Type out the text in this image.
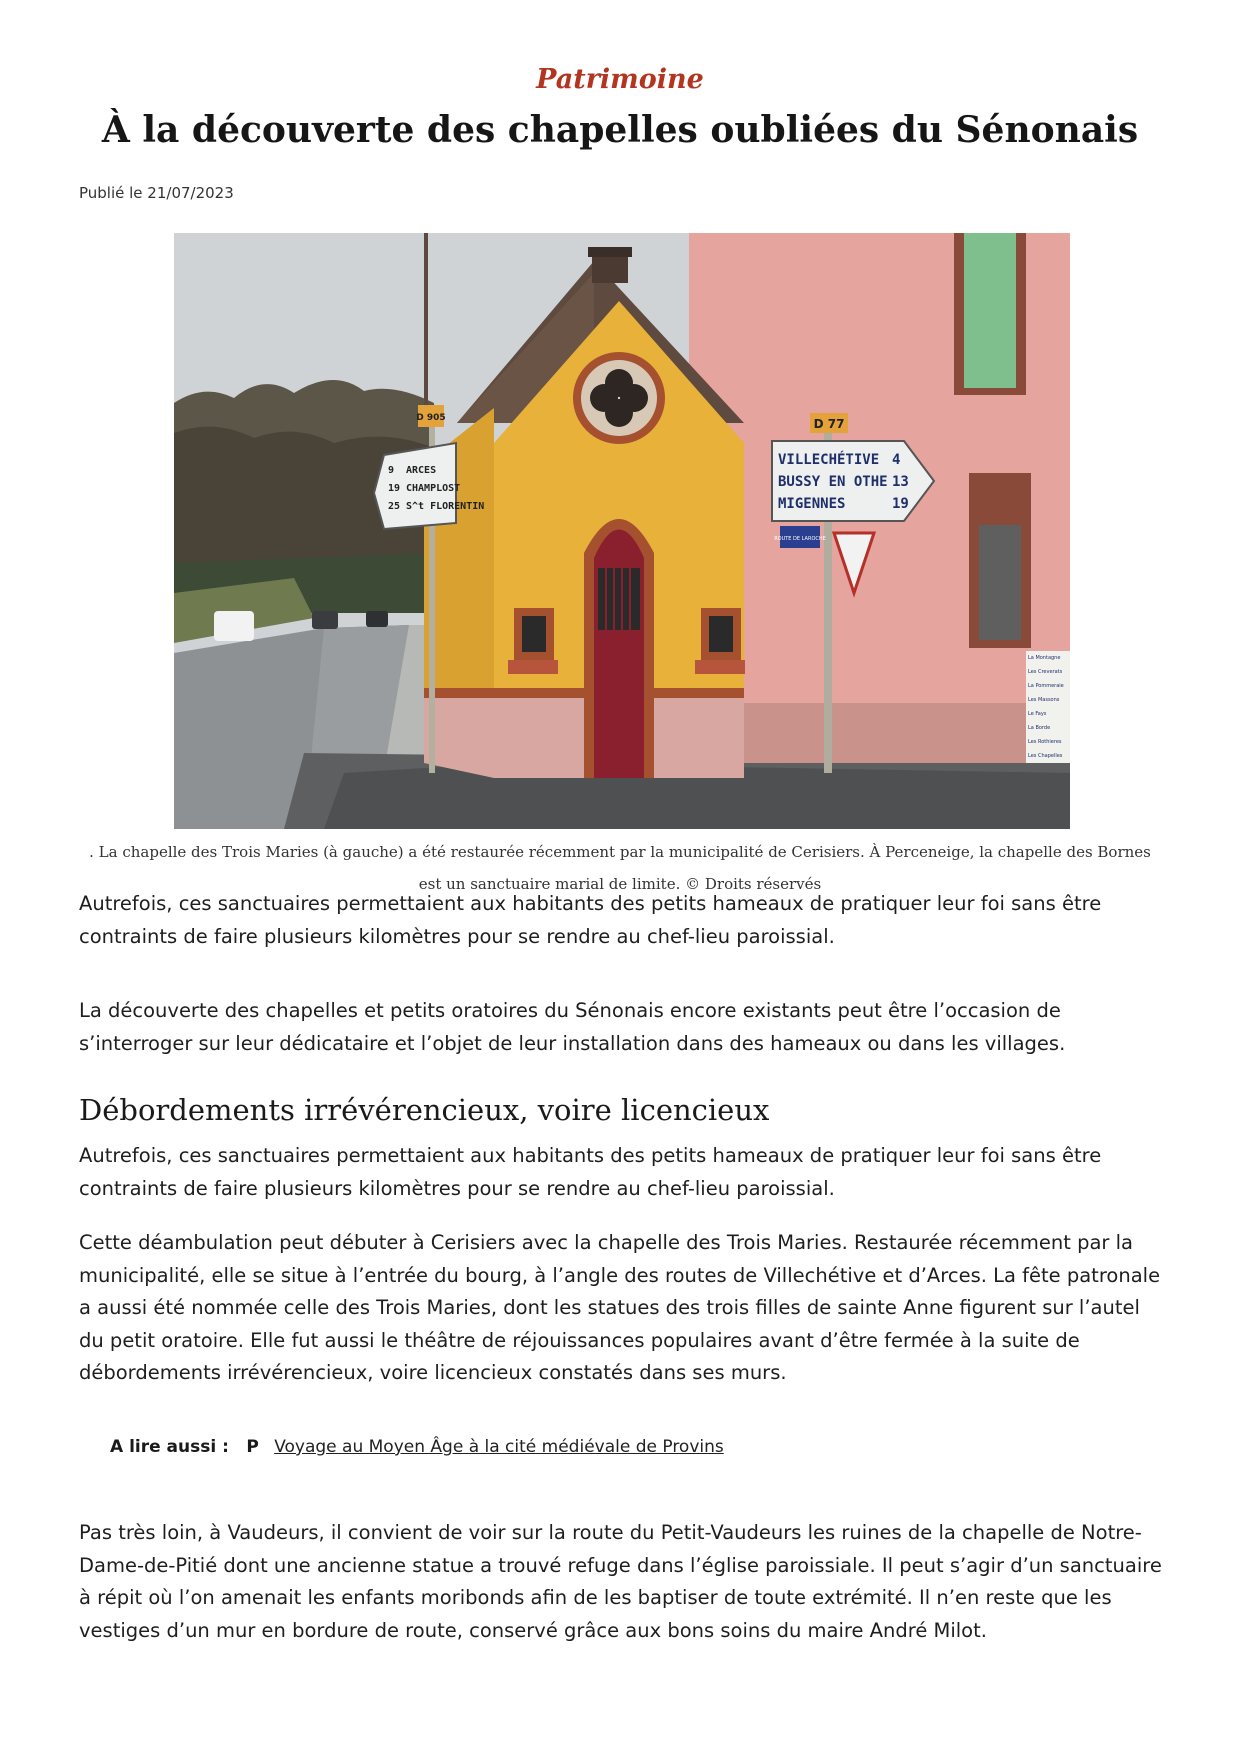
Patrimoine
À la découverte des chapelles oubliées du Sénonais
Publié le 21/07/2023
D 905
9 ARCES
19 CHAMPLOST
25 S^t FLORENTIN
D 77
VILLECHÉTIVE 4
BUSSY EN OTHE 13
MIGENNES	19
ROUTE DE LAROCHE
La Montagne
Les Creverats
La Pommeraie
Les Massons
Le Fays
La Borde
Les Rothieres
Les Chapelles
. La chapelle des Trois Maries (à gauche) a été restaurée récemment par la municipalité de Cerisiers. À Perceneige, la chapelle des Bornes est un sanctuaire marial de limite. © Droits réservés

Autrefois, ces sanctuaires permettaient aux habitants des petits hameaux de pratiquer leur foi sans être contraints de faire plusieurs kilomètres pour se rendre au chef-lieu paroissial.

La découverte des chapelles et petits oratoires du Sénonais encore existants peut être l’occasion de s’interroger sur leur dédicataire et l’objet de leur installation dans des hameaux ou dans les villages.

Débordements irrévérencieux, voire licencieux

Autrefois, ces sanctuaires permettaient aux habitants des petits hameaux de pratiquer leur foi sans être contraints de faire plusieurs kilomètres pour se rendre au chef-lieu paroissial.

Cette déambulation peut débuter à Cerisiers avec la chapelle des Trois Maries. Restaurée récemment par la municipalité, elle se situe à l’entrée du bourg, à l’angle des routes de Villechétive et d’Arces. La fête patronale a aussi été nommée celle des Trois Maries, dont les statues des trois filles de sainte Anne figurent sur l’autel du petit oratoire. Elle fut aussi le théâtre de réjouissances populaires avant d’être fermée à la suite de débordements irrévérencieux, voire licencieux constatés dans ses murs.

A lire aussi : P Voyage au Moyen Âge à la cité médiévale de Provins

Pas très loin, à Vaudeurs, il convient de voir sur la route du Petit-Vaudeurs les ruines de la chapelle de Notre-Dame-de-Pitié dont une ancienne statue a trouvé refuge dans l’église paroissiale. Il peut s’agir d’un sanctuaire à répit où l’on amenait les enfants moribonds afin de les baptiser de toute extrémité. Il n’en reste que les vestiges d’un mur en bordure de route, conservé grâce aux bons soins du maire André Milot.
